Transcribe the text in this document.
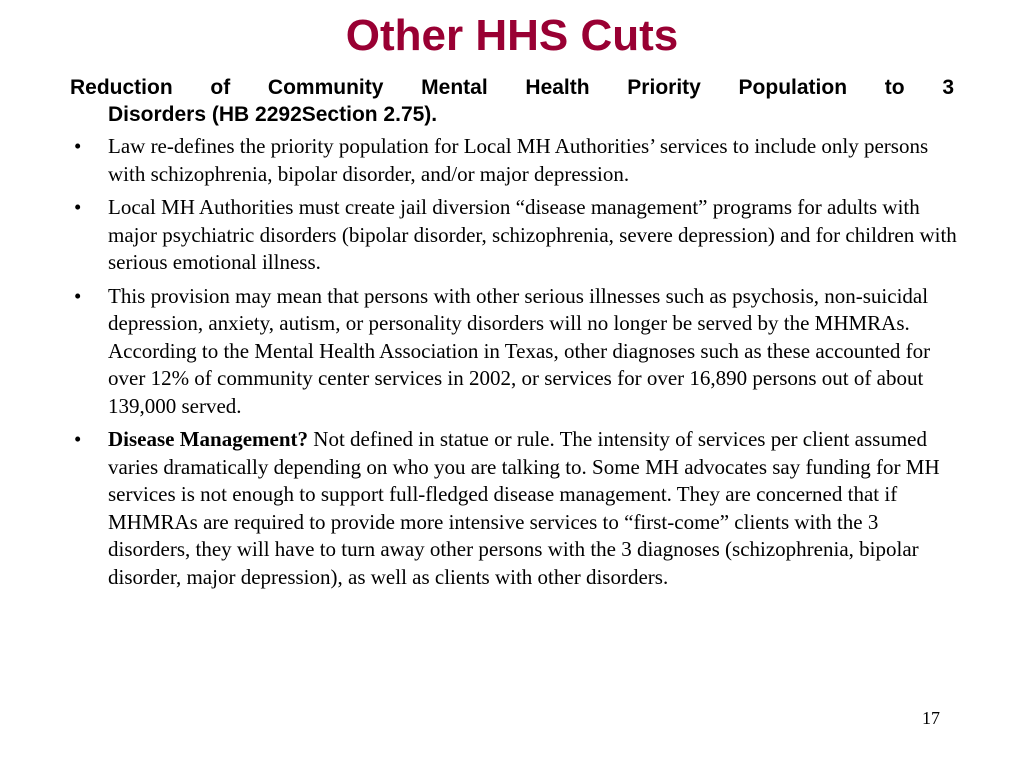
Other HHS Cuts

Reduction of Community Mental Health Priority Population to 3
Disorders (HB 2292Section 2.75).

• Law re-defines the priority population for Local MH Authorities’ services to include only persons with schizophrenia, bipolar disorder, and/or major depression.
• Local MH Authorities must create jail diversion “disease management” programs for adults with major psychiatric disorders (bipolar disorder, schizophrenia, severe depression) and for children with serious emotional illness.
• This provision may mean that persons with other serious illnesses such as psychosis, non-suicidal depression, anxiety, autism, or personality disorders will no longer be served by the MHMRAs. According to the Mental Health Association in Texas, other diagnoses such as these accounted for over 12% of community center services in 2002, or services for over 16,890 persons out of about 139,000 served.
• Disease Management? Not defined in statue or rule. The intensity of services per client assumed varies dramatically depending on who you are talking to. Some MH advocates say funding for MH services is not enough to support full-fledged disease management. They are concerned that if MHMRAs are required to provide more intensive services to “first-come” clients with the 3 disorders, they will have to turn away other persons with the 3 diagnoses (schizophrenia, bipolar disorder, major depression), as well as clients with other disorders.
17
